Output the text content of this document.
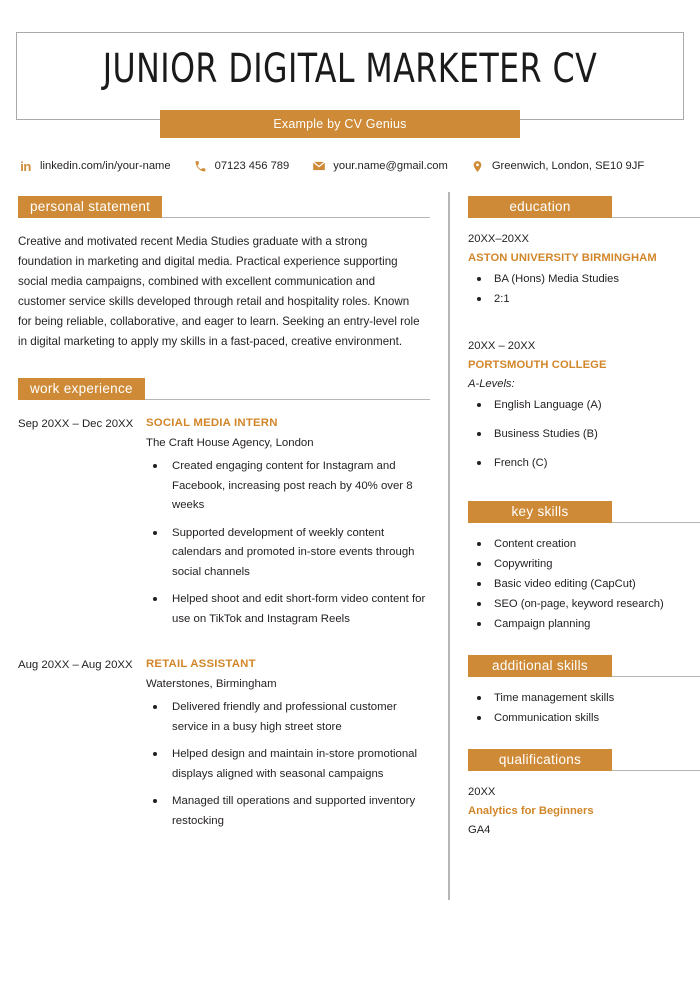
JUNIOR DIGITAL MARKETER CV
Example by CV Genius
in linkedin.com/in/your-name	07123 456 789	your.name@gmail.com	Greenwich, London, SE10 9JF
personal statement
Creative and motivated recent Media Studies graduate with a strong foundation in marketing and digital media. Practical experience supporting social media campaigns, combined with excellent communication and customer service skills developed through retail and hospitality roles. Known for being reliable, collaborative, and eager to learn. Seeking an entry-level role in digital marketing to apply my skills in a fast-paced, creative environment.
work experience
Sep 20XX – Dec 20XX	SOCIAL MEDIA INTERN
The Craft House Agency, London
Created engaging content for Instagram and Facebook, increasing post reach by 40% over 8 weeks
Supported development of weekly content calendars and promoted in-store events through social channels
Helped shoot and edit short-form video content for use on TikTok and Instagram Reels
Aug 20XX – Aug 20XX	RETAIL ASSISTANT
Waterstones, Birmingham
Delivered friendly and professional customer service in a busy high street store
Helped design and maintain in-store promotional displays aligned with seasonal campaigns
Managed till operations and supported inventory restocking
education
20XX–20XX
ASTON UNIVERSITY BIRMINGHAM
BA (Hons) Media Studies
2:1
20XX – 20XX
PORTSMOUTH COLLEGE
A-Levels:
English Language (A)
Business Studies (B)
French (C)
key skills
Content creation
Copywriting
Basic video editing (CapCut)
SEO (on-page, keyword research)
Campaign planning
additional skills
Time management skills
Communication skills
qualifications
20XX
Analytics for Beginners
GA4
